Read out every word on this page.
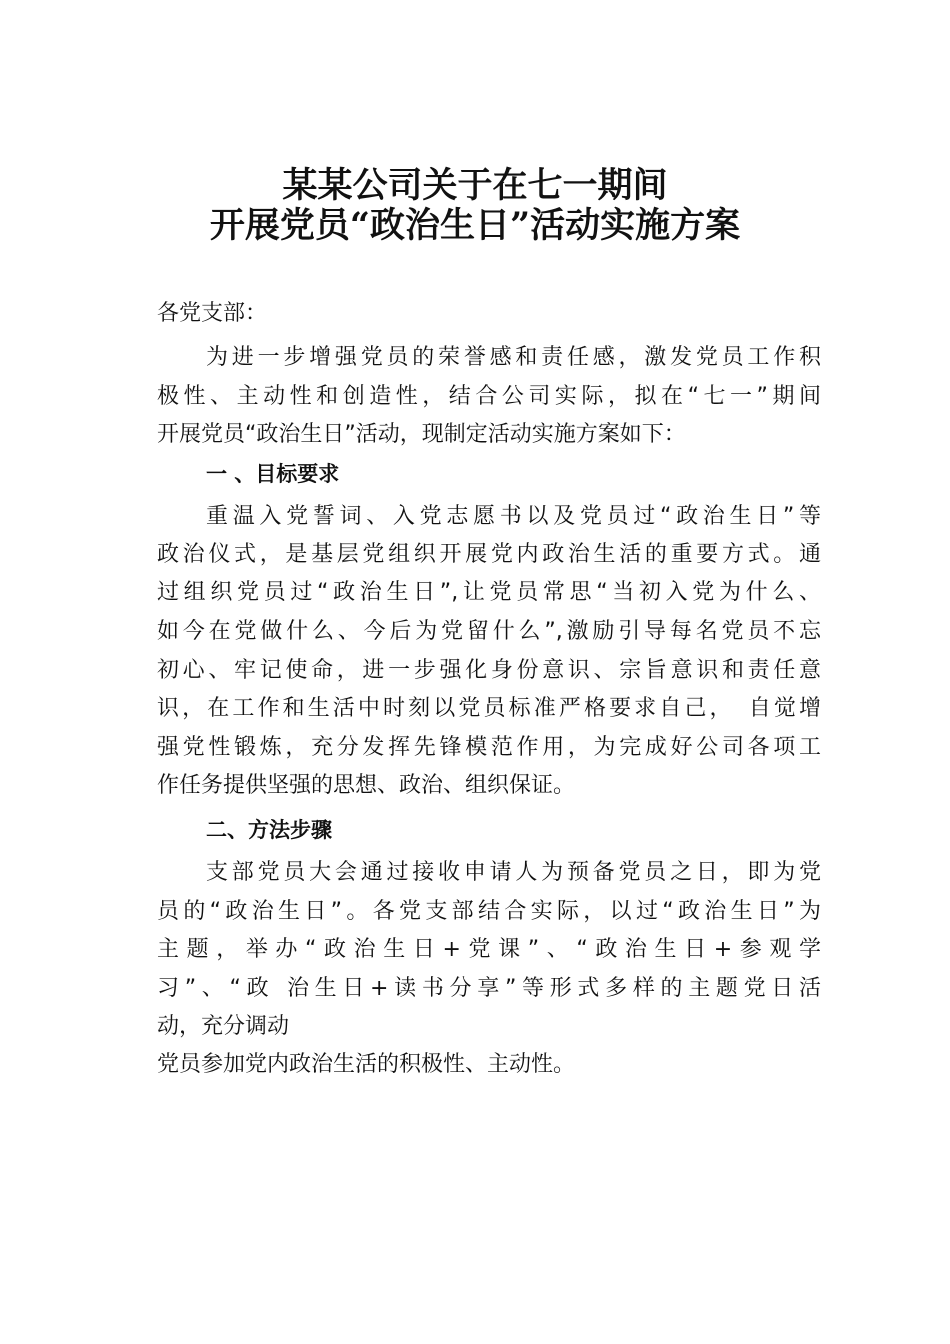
某某公司关于在七一期间
开展党员“政治生日”活动实施方案
各党支部：
为进一步增强党员的荣誉感和责任感，激发党员工作积
极性、主动性和创造性，结合公司实际，拟在“七一”期间
开展党员“政治生日”活动，现制定活动实施方案如下：
一 、目标要求
重温入党誓词、入党志愿书以及党员过“政治生日”等
政治仪式，是基层党组织开展党内政治生活的重要方式。通
过组织党员过“政治生日”,让党员常思“当初入党为什么、
如今在党做什么、今后为党留什么”,激励引导每名党员不忘
初心、牢记使命，进一步强化身份意识、宗旨意识和责任意
识，在工作和生活中时刻以党员标准严格要求自己，　自觉增
强党性锻炼，充分发挥先锋模范作用，为完成好公司各项工
作任务提供坚强的思想、政治、组织保证。
二、方法步骤
支部党员大会通过接收申请人为预备党员之日，即为党
员的“政治生日”。各党支部结合实际，以过“政治生日”为
主题，举办“政治生日+党课”、“政治生日+参观学
习”、“政 治生日+读书分享”等形式多样的主题党日活
动，充分调动
党员参加党内政治生活的积极性、主动性。
